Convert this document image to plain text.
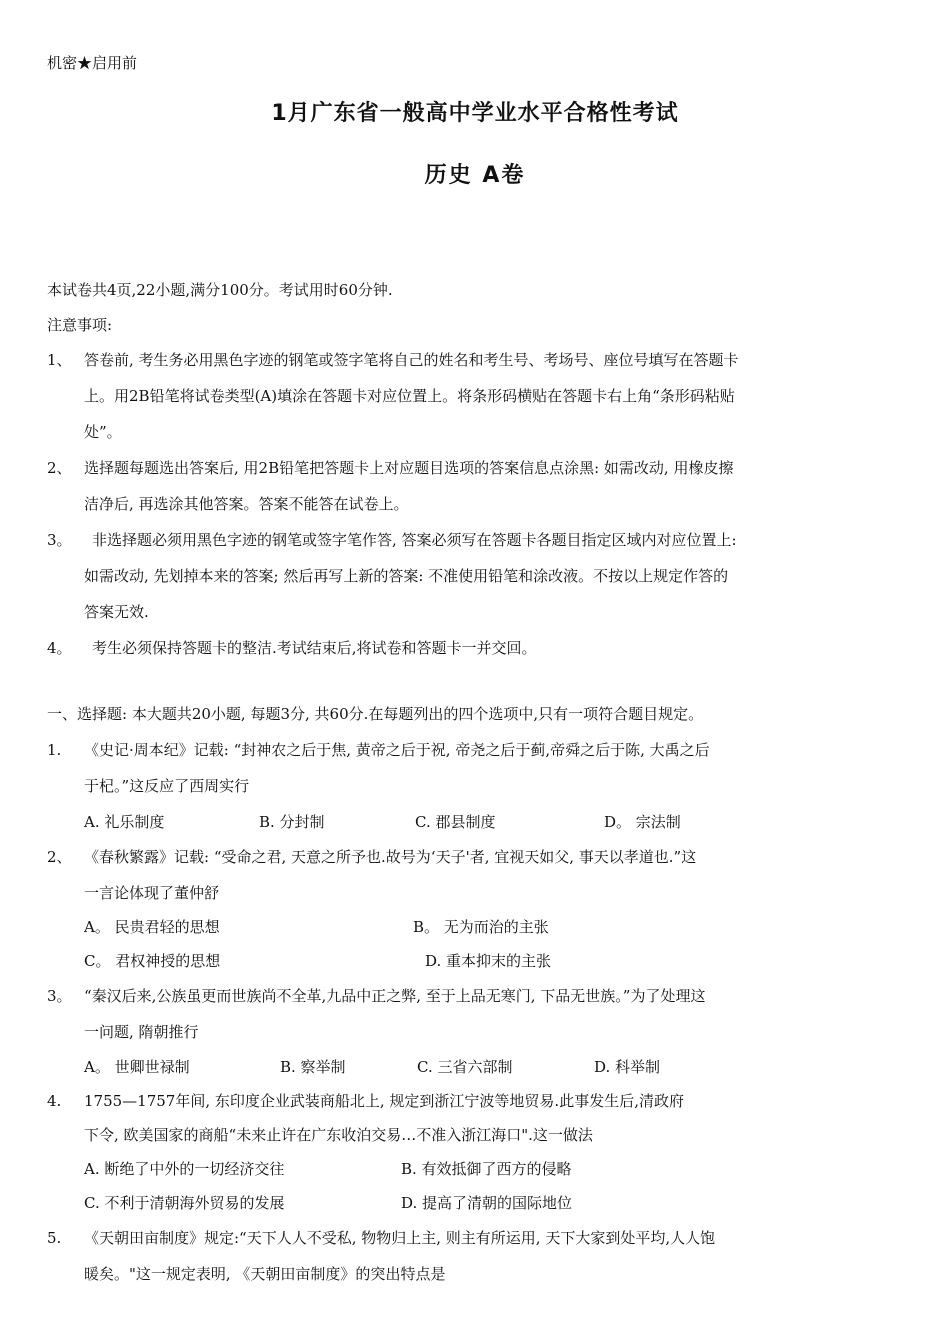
机密★启用前
1月广东省一般高中学业水平合格性考试
历史 A卷
本试卷共4页,22小题,满分100分。考试用时60分钟.
注意事项:
1、 答卷前, 考生务必用黑色字迹的钢笔或签字笔将自己的姓名和考生号、考场号、座位号填写在答题卡
上。用2B铅笔将试卷类型(A)填涂在答题卡对应位置上。将条形码横贴在答题卡右上角“条形码粘贴
处”。
2、 选择题每题选出答案后, 用2B铅笔把答题卡上对应题目选项的答案信息点涂黑: 如需改动, 用橡皮擦
洁净后, 再选涂其他答案。答案不能答在试卷上。
3。 非选择题必须用黑色字迹的钢笔或签字笔作答, 答案必须写在答题卡各题目指定区域内对应位置上:
如需改动, 先划掉本来的答案; 然后再写上新的答案: 不准使用铅笔和涂改液。不按以上规定作答的
答案无效.
4。 考生必须保持答题卡的整洁.考试结束后,将试卷和答题卡一并交回。
一、选择题: 本大题共20小题, 每题3分, 共60分.在每题列出的四个选项中,只有一项符合题目规定。
1. 《史记·周本纪》记载: “封神农之后于焦, 黄帝之后于祝, 帝尧之后于蓟,帝舜之后于陈, 大禹之后
于杞。”这反应了西周实行
A. 礼乐制度	B. 分封制	C. 郡县制度	D。 宗法制
2、 《春秋繁露》记载: “受命之君, 天意之所予也.故号为‘天子'者, 宜视天如父, 事天以孝道也.”这
一言论体现了董仲舒
A。 民贵君轻的思想	B。 无为而治的主张
C。 君权神授的思想	D. 重本抑末的主张
3。 “秦汉后来,公族虽更而世族尚不全革,九品中正之弊, 至于上品无寒门, 下品无世族。”为了处理这
一问题, 隋朝推行
A。 世卿世禄制	B. 察举制	C. 三省六部制	D. 科举制
4. 1755—1757年间, 东印度企业武装商船北上, 规定到浙江宁波等地贸易.此事发生后,清政府
下令, 欧美国家的商船“未来止许在广东收泊交易…不准入浙江海口".这一做法
A. 断绝了中外的一切经济交往	B. 有效抵御了西方的侵略
C. 不利于清朝海外贸易的发展	D. 提高了清朝的国际地位
5. 《天朝田亩制度》规定:“天下人人不受私, 物物归上主, 则主有所运用, 天下大家到处平均,人人饱
暖矣。"这一规定表明, 《天朝田亩制度》的突出特点是
